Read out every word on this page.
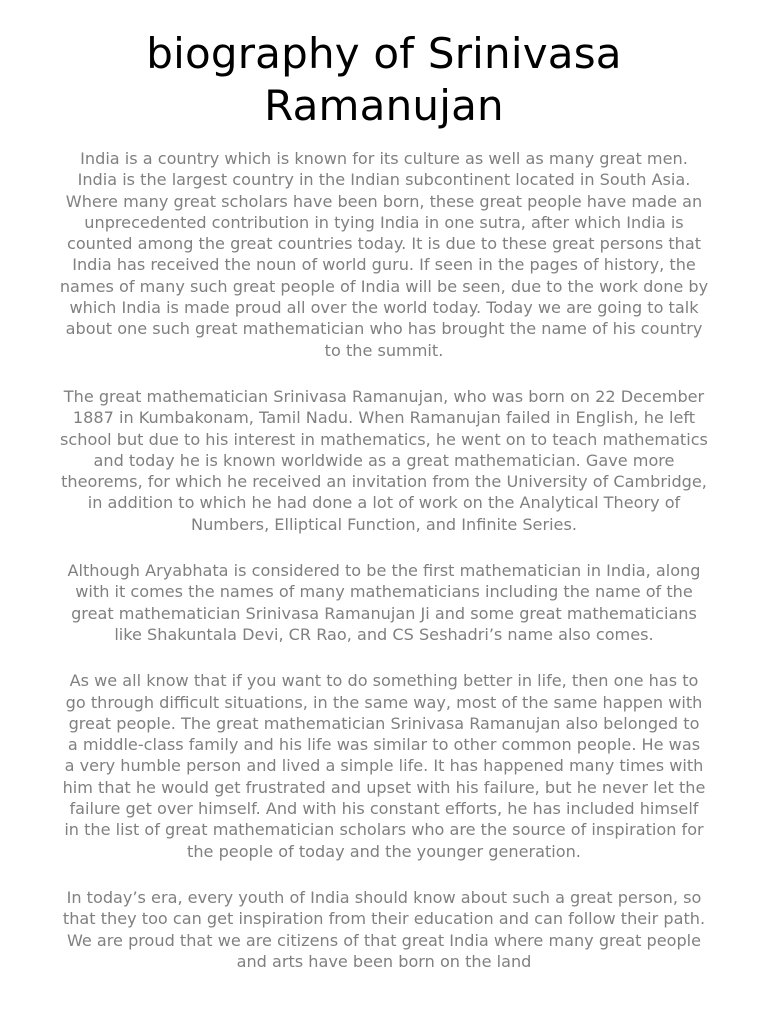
biography of Srinivasa Ramanujan

India is a country which is known for its culture as well as many great men.
India is the largest country in the Indian subcontinent located in South Asia.
Where many great scholars have been born, these great people have made an
unprecedented contribution in tying India in one sutra, after which India is
counted among the great countries today. It is due to these great persons that
India has received the noun of world guru. If seen in the pages of history, the
names of many such great people of India will be seen, due to the work done by
which India is made proud all over the world today. Today we are going to talk
about one such great mathematician who has brought the name of his country
to the summit.

The great mathematician Srinivasa Ramanujan, who was born on 22 December
1887 in Kumbakonam, Tamil Nadu. When Ramanujan failed in English, he left
school but due to his interest in mathematics, he went on to teach mathematics
and today he is known worldwide as a great mathematician. Gave more
theorems, for which he received an invitation from the University of Cambridge,
in addition to which he had done a lot of work on the Analytical Theory of
Numbers, Elliptical Function, and Infinite Series.

Although Aryabhata is considered to be the first mathematician in India, along
with it comes the names of many mathematicians including the name of the
great mathematician Srinivasa Ramanujan Ji and some great mathematicians
like Shakuntala Devi, CR Rao, and CS Seshadri’s name also comes.

As we all know that if you want to do something better in life, then one has to
go through difficult situations, in the same way, most of the same happen with
great people. The great mathematician Srinivasa Ramanujan also belonged to
a middle-class family and his life was similar to other common people. He was
a very humble person and lived a simple life. It has happened many times with
him that he would get frustrated and upset with his failure, but he never let the
failure get over himself. And with his constant efforts, he has included himself
in the list of great mathematician scholars who are the source of inspiration for
the people of today and the younger generation.

In today’s era, every youth of India should know about such a great person, so
that they too can get inspiration from their education and can follow their path.
We are proud that we are citizens of that great India where many great people
and arts have been born on the land
